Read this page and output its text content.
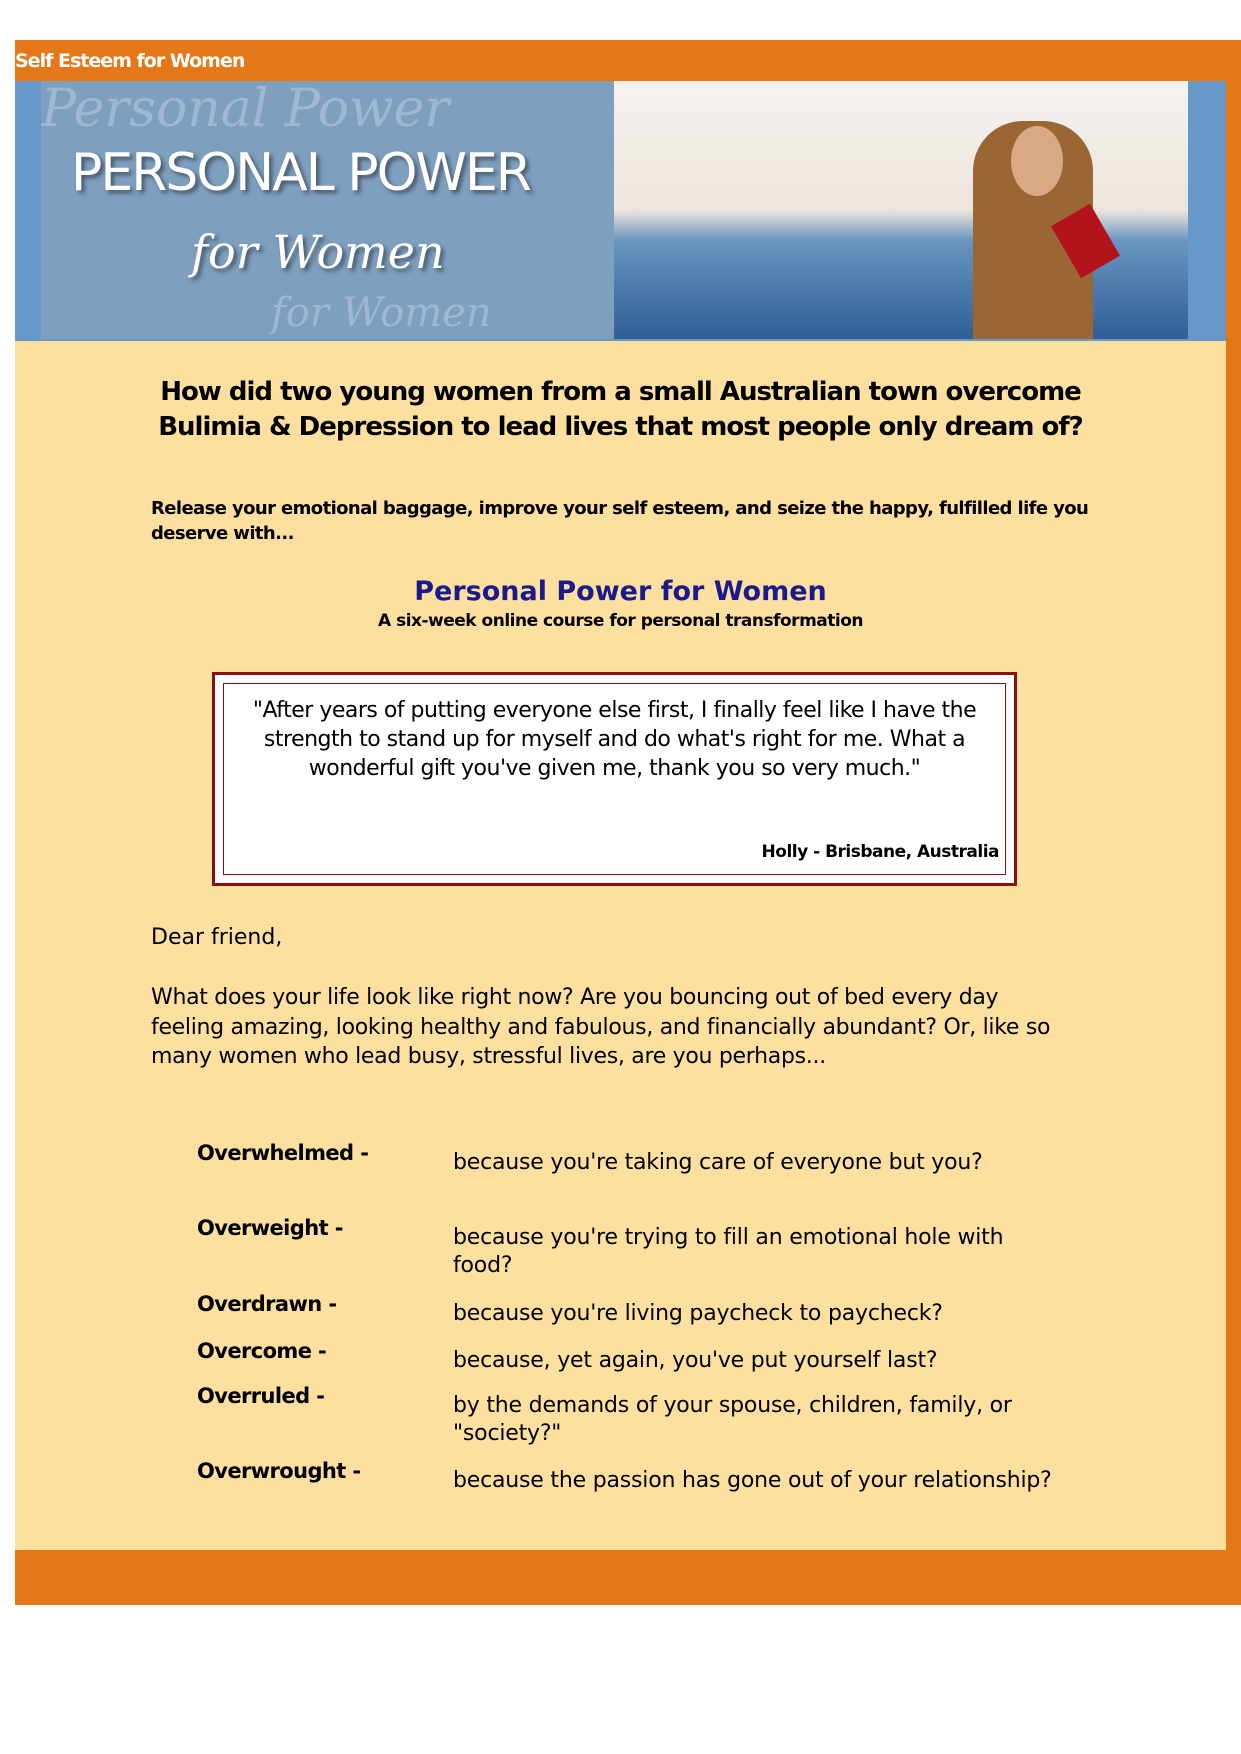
Self Esteem for Women
Personal Power
for Women
PERSONAL POWER
for Women
How did two young women from a small Australian town overcome Bulimia & Depression to lead lives that most people only dream of?
Release your emotional baggage, improve your self esteem, and seize the happy, fulfilled life you deserve with...
Personal Power for Women
A six-week online course for personal transformation
"After years of putting everyone else first, I finally feel like I have the strength to stand up for myself and do what's right for me. What a wonderful gift you've given me, thank you so very much."
Holly - Brisbane, Australia
Dear friend,
What does your life look like right now? Are you bouncing out of bed every day feeling amazing, looking healthy and fabulous, and financially abundant? Or, like so many women who lead busy, stressful lives, are you perhaps...
Overwhelmed -	because you're taking care of everyone but you?
Overweight -	because you're trying to fill an emotional hole with food?
Overdrawn -	because you're living paycheck to paycheck?
Overcome -	because, yet again, you've put yourself last?
Overruled -	by the demands of your spouse, children, family, or "society?"
Overwrought -	because the passion has gone out of your relationship?
